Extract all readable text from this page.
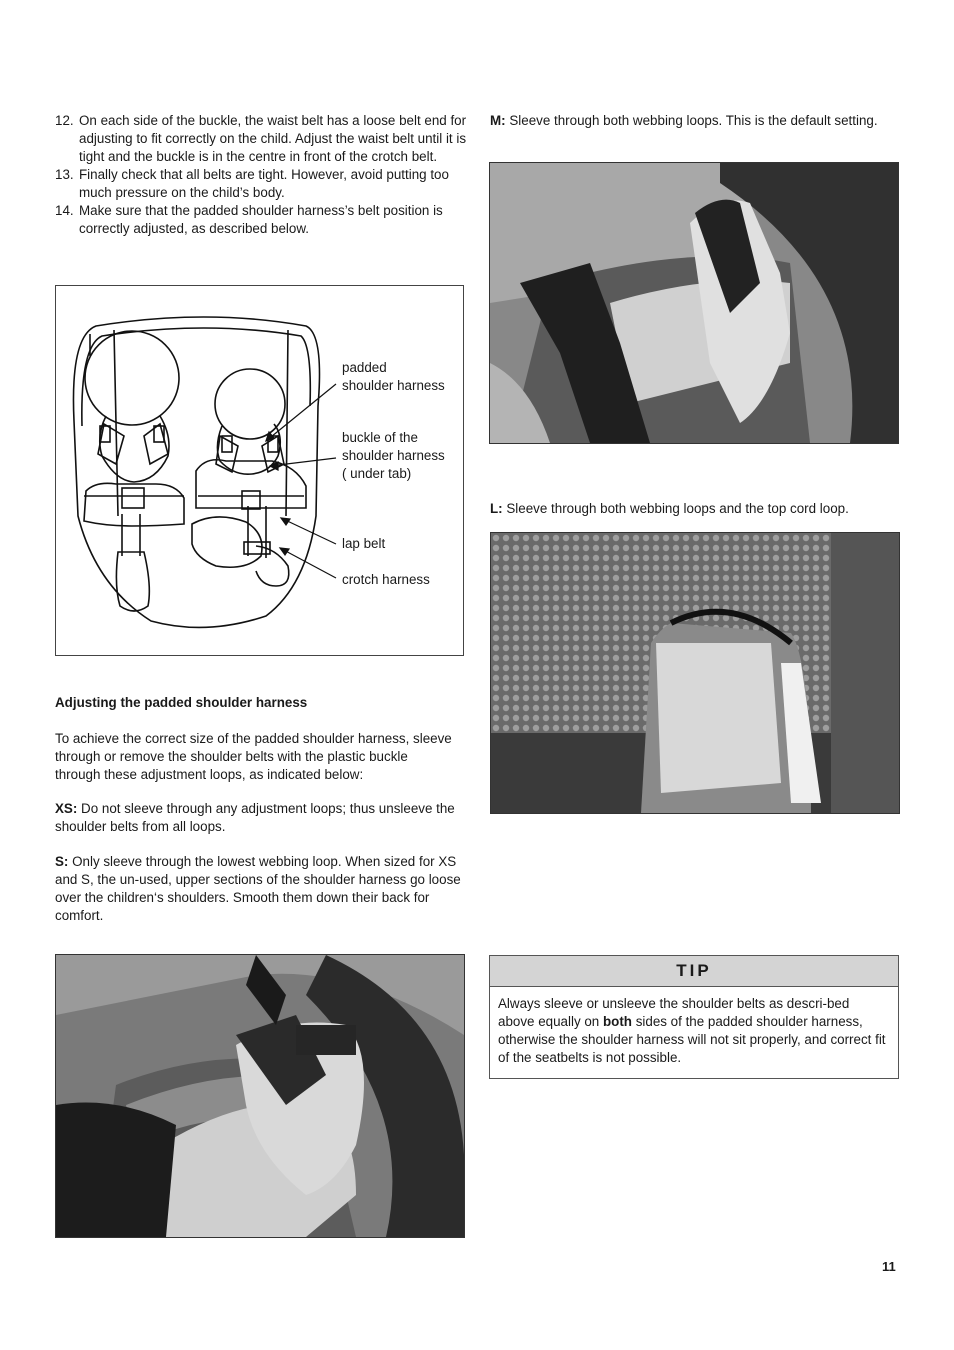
12. On each side of the buckle, the waist belt has a loose belt end for adjusting to fit correctly on the child. Adjust the waist belt until it is tight and the buckle is in the centre in front of the crotch belt.
13. Finally check that all belts are tight. However, avoid putting too much pressure on the child’s body.
14. Make sure that the padded shoulder harness’s belt position is correctly adjusted, as described below.
padded
shoulder harness
buckle of the
shoulder harness
( under tab)
lap belt
crotch harness
Adjusting the padded shoulder harness

To achieve the correct size of the padded shoulder harness, sleeve through or remove the shoulder belts with the plastic buckle through these adjustment loops, as indicated below:

XS: Do not sleeve through any adjustment loops; thus unsleeve the shoulder belts from all loops.

S: Only sleeve through the lowest webbing loop. When sized for XS and S, the un-used, upper sections of the shoulder harness go loose over the children‘s shoulders. Smooth them down their back for comfort.

M: Sleeve through both webbing loops. This is the default setting.

L: Sleeve through both webbing loops and the top cord loop.

TIP
Always sleeve or unsleeve the shoulder belts as descri-bed above equally on both sides of the padded shoulder harness, otherwise the shoulder harness will not sit properly, and correct fit of the seatbelts is not possible.
11
